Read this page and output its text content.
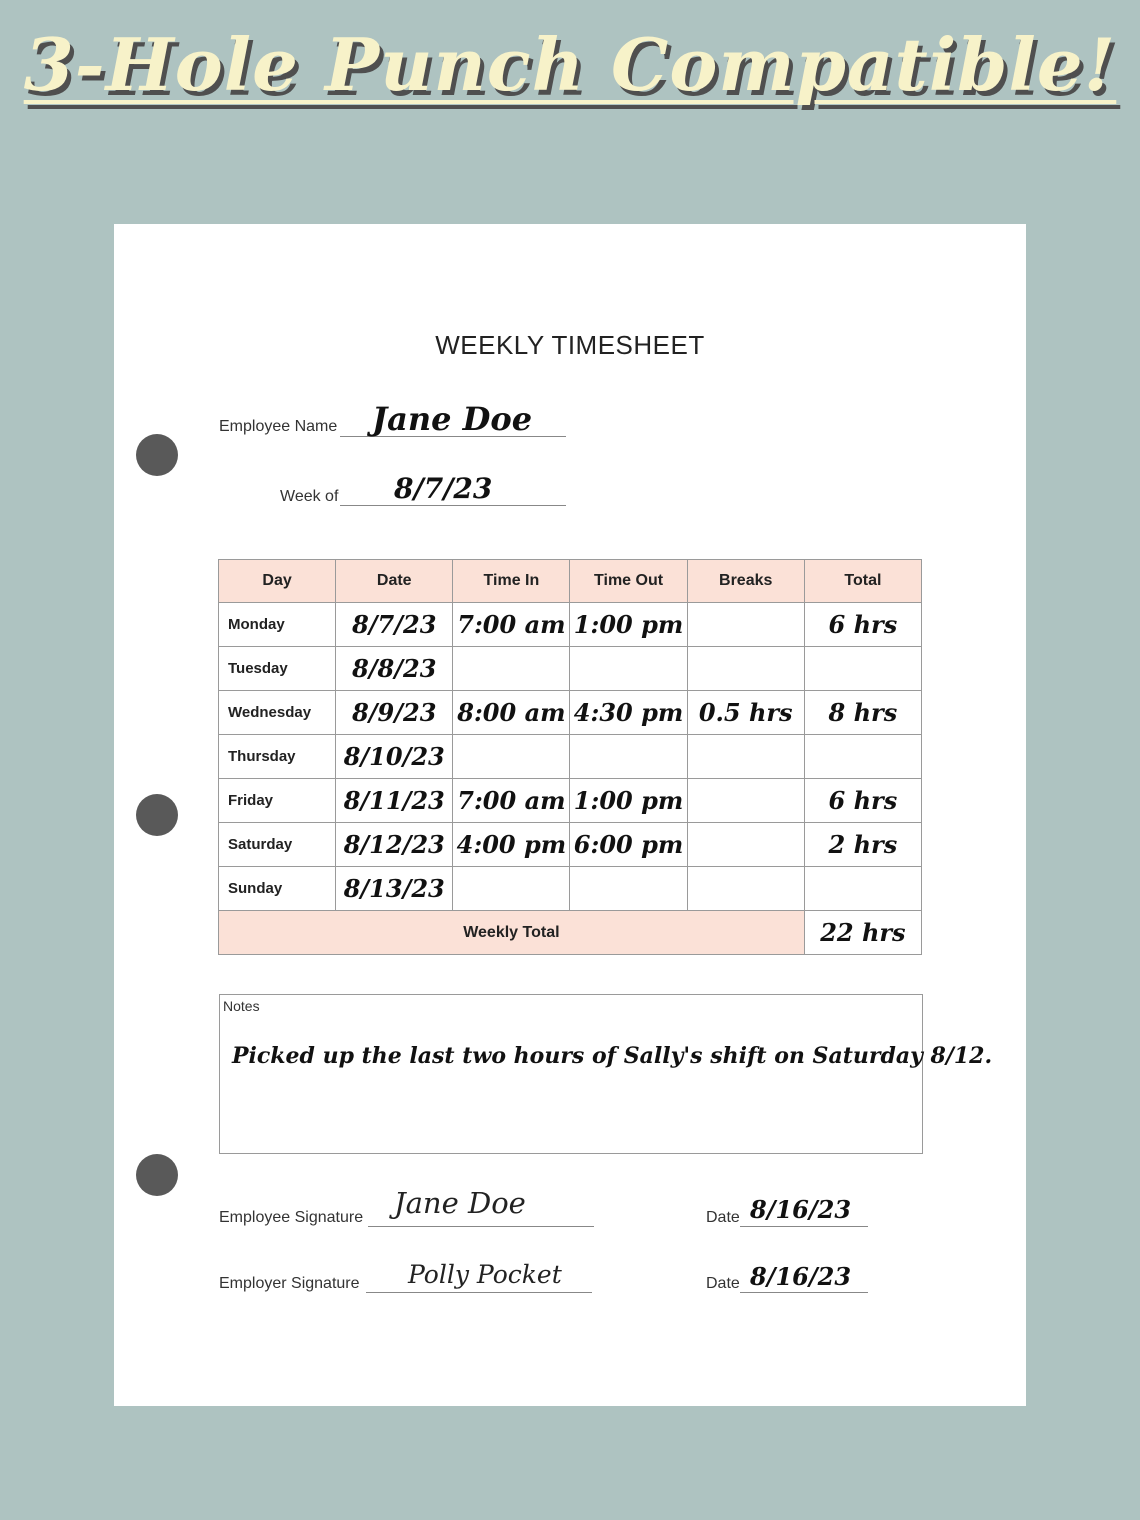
3-Hole Punch Compatible!
WEEKLY TIMESHEET
Employee Name Jane Doe
Week of 8/7/23
Day	Date	Time In	Time Out	Breaks	Total
Monday	8/7/23	7:00 am	1:00 pm		6 hrs
Tuesday	8/8/23				
Wednesday	8/9/23	8:00 am	4:30 pm	0.5 hrs	8 hrs
Thursday	8/10/23				
Friday	8/11/23	7:00 am	1:00 pm		6 hrs
Saturday	8/12/23	4:00 pm	6:00 pm		2 hrs
Sunday	8/13/23				
Weekly Total					22 hrs
Notes
Picked up the last two hours of Sally's shift on Saturday 8/12.
Employee Signature Jane Doe	Date 8/16/23
Employer Signature Polly Pocket	Date 8/16/23
